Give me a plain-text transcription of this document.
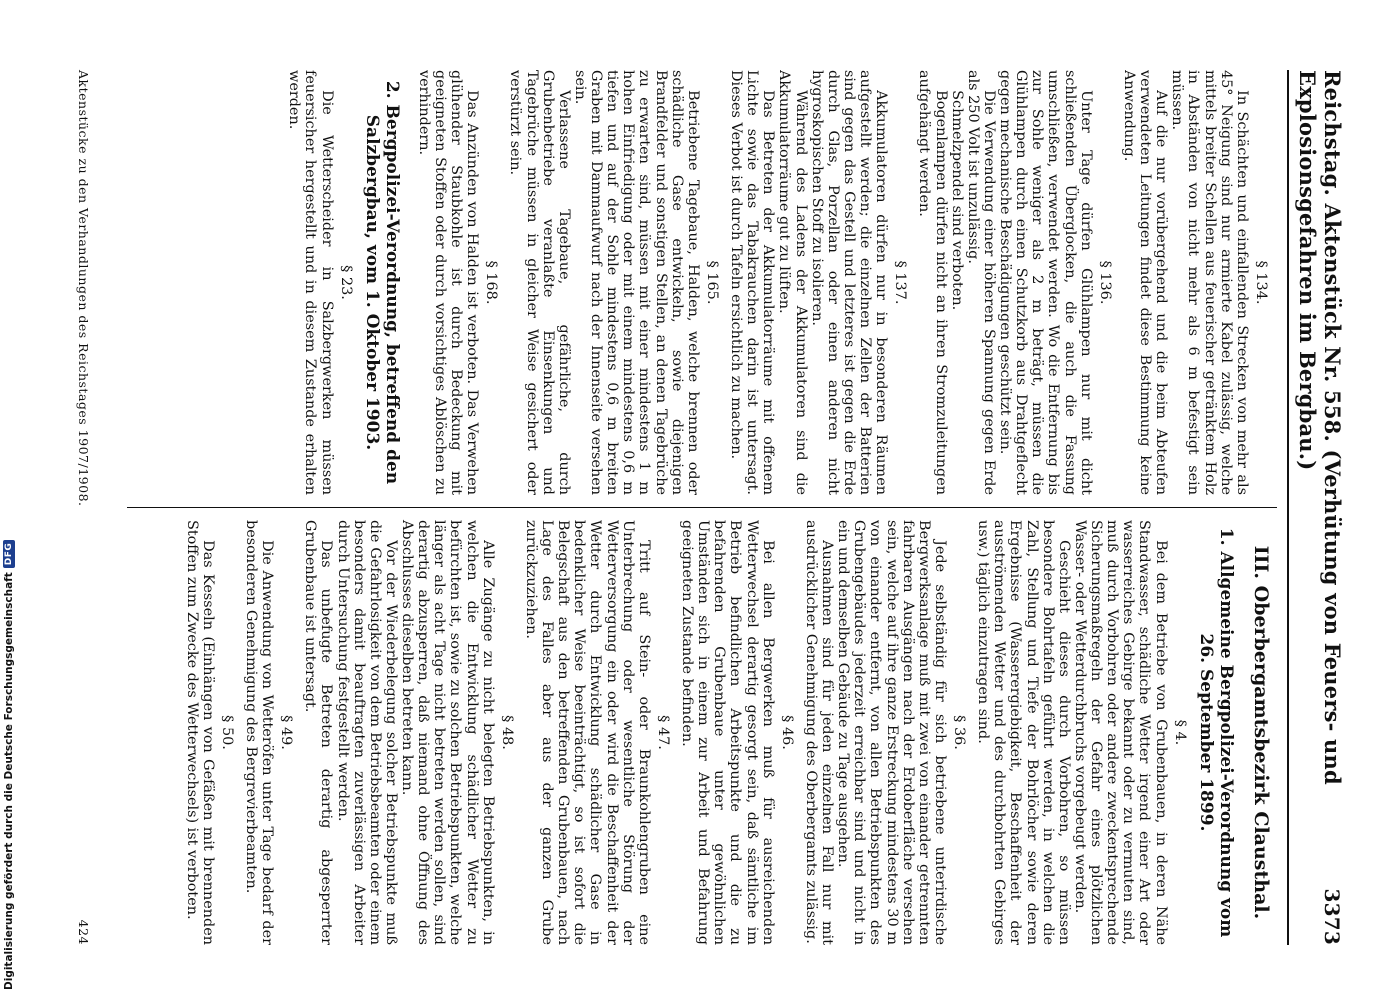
Reichstag. Aktenstück Nr. 558. (Verhütung von Feuers- und Explosionsgefahren im Bergbau.)
3373
§ 134.

In Schächten und einfallenden Strecken von mehr als 45° Neigung sind nur armierte Kabel zulässig, welche mittels breiter Schellen aus feuerischer getränktem Holz in Abständen von nicht mehr als 6 m befestigt sein müssen.

Auf die nur vorübergehend und die beim Abteufen verwendeten Leitungen findet diese Bestimmung keine Anwendung.

§ 136.

Unter Tage dürfen Glühlampen nur mit dicht schließenden Überglocken, die auch die Fassung umschließen, verwendet werden. Wo die Entfernung bis zur Sohle weniger als 2 m beträgt, müssen die Glühlampen durch einen Schutzkorb aus Drahtgeflecht gegen mechanische Beschädigungen geschützt sein.

Die Verwendung einer höheren Spannung gegen Erde als 250 Volt ist unzulässig.

Schmelzpendel sind verboten.

Bogenlampen dürfen nicht an ihren Stromzuleitungen aufgehängt werden.

§ 137.

Akkumulatoren dürfen nur in besonderen Räumen aufgestellt werden; die einzelnen Zellen der Batterien sind gegen das Gestell und letzteres ist gegen die Erde durch Glas, Porzellan oder einen anderen nicht hygroskopischen Stoff zu isolieren.

Während des Ladens der Akkumulatoren sind die Akkumulatorräume gut zu lüften.

Das Betreten der Akkumulatorräume mit offenem Lichte sowie das Tabakrauchen darin ist untersagt. Dieses Verbot ist durch Tafeln ersichtlich zu machen.

§ 165.

Betriebene Tagebaue, Halden, welche brennen oder schädliche Gase entwickeln, sowie diejenigen Brandfelder und sonstigen Stellen, an denen Tagebrüche zu erwarten sind, müssen mit einer mindestens 1 m hohen Einfriedigung oder mit einem mindestens 0,6 m tiefen und auf der Sohle mindestens 0,6 m breiten Graben mit Dammaufwurf nach der Innenseite versehen sein.

Verlassene Tagebaue, gefährliche, durch Grubenbetriebe veranlaßte Einsenkungen und Tagebrüche müssen in gleicher Weise gesichert oder verstürzt sein.

§ 168.

Das Anzünden von Halden ist verboten. Das Verwehen glühender Staubkohle ist durch Bedeckung mit geeigneten Stoffen oder durch vorsichtiges Ablöschen zu verhindern.

2. Bergpolizei-Verordnung, betreffend den Salzbergbau, vom 1. Oktober 1903.
§ 23.

Die Wetterscheider in Salzbergwerken müssen feuersicher hergestellt und in diesem Zustande erhalten werden.

III. Oberbergamtsbezirk Clausthal.
1. Allgemeine Bergpolizei-Verordnung vom 26. September 1899.
§ 4.

Bei dem Betriebe von Grubenbauen, in deren Nähe Standwasser, schädliche Wetter irgend einer Art oder wasserreiches Gebirge bekannt oder zu vermuten sind, muß durch Vorbohren oder andere zweckentsprechende Sicherungsmaßregeln der Gefahr eines plötzlichen Wasser- oder Wetterdurchbruchs vorgebeugt werden.

Geschieht dieses durch Vorbohren, so müssen besondere Bohrtafeln geführt werden, in welchen die Zahl, Stellung und Tiefe der Bohrlöcher sowie deren Ergebnisse (Wasserergiebigkeit, Beschaffenheit der ausströmenden Wetter und des durchbohrten Gebirges usw.) täglich einzutragen sind.

§ 36.

Jede selbständig für sich betriebene unterirdische Bergwerksanlage muß mit zwei von einander getrennten fahrbaren Ausgängen nach der Erdoberfläche versehen sein, welche auf ihre ganze Erstreckung mindestens 30 m von einander entfernt, von allen Betriebspunkten des Grubengebäudes jederzeit erreichbar sind und nicht in ein und demselben Gebäude zu Tage ausgehen.

Ausnahmen sind für jeden einzelnen Fall nur mit ausdrücklicher Genehmigung des Oberbergamts zulässig.

§ 46.

Bei allen Bergwerken muß für ausreichenden Wetterwechsel derartig gesorgt sein, daß sämtliche im Betrieb befindlichen Arbeitspunkte und die zu befahrenden Grubenbaue unter gewöhnlichen Umständen sich in einem zur Arbeit und Befahrung geeigneten Zustande befinden.

§ 47.

Tritt auf Stein- oder Braunkohlengruben eine Unterbrechung oder wesentliche Störung der Wetterversorgung ein oder wird die Beschaffenheit der Wetter durch Entwicklung schädlicher Gase in bedenklicher Weise beeinträchtigt, so ist sofort die Belegschaft aus den betreffenden Grubenbauen, nach Lage des Falles aber aus der ganzen Grube zurückzuziehen.

§ 48.

Alle Zugänge zu nicht belegten Betriebspunkten, in welchen die Entwicklung schädlicher Wetter zu befürchten ist, sowie zu solchen Betriebspunkten, welche länger als acht Tage nicht betreten werden sollen, sind derartig abzusperren, daß niemand ohne Öffnung des Abschlusses dieselben betreten kann.

Vor der Wiederbelegung solcher Betriebspunkte muß die Gefahrlosigkeit von dem Betriebsbeamten oder einem besonders damit beauftragten zuverlässigen Arbeiter durch Untersuchung festgestellt werden.

Das unbefugte Betreten derartig abgesperrter Grubenbaue ist untersagt.

§ 49.

Die Anwendung von Wetteröfen unter Tage bedarf der besonderen Genehmigung des Bergrevierbeamten.

§ 50.

Das Kesseln (Einhängen von Gefäßen mit brennenden Stoffen zum Zwecke des Wetterwechsels) ist verboten.

Aktenstücke zu den Verhandlungen des Reichstages 1907/1908.
424
Digitalisierung gefördert durch die Deutsche Forschungsgemeinschaft
DFG
